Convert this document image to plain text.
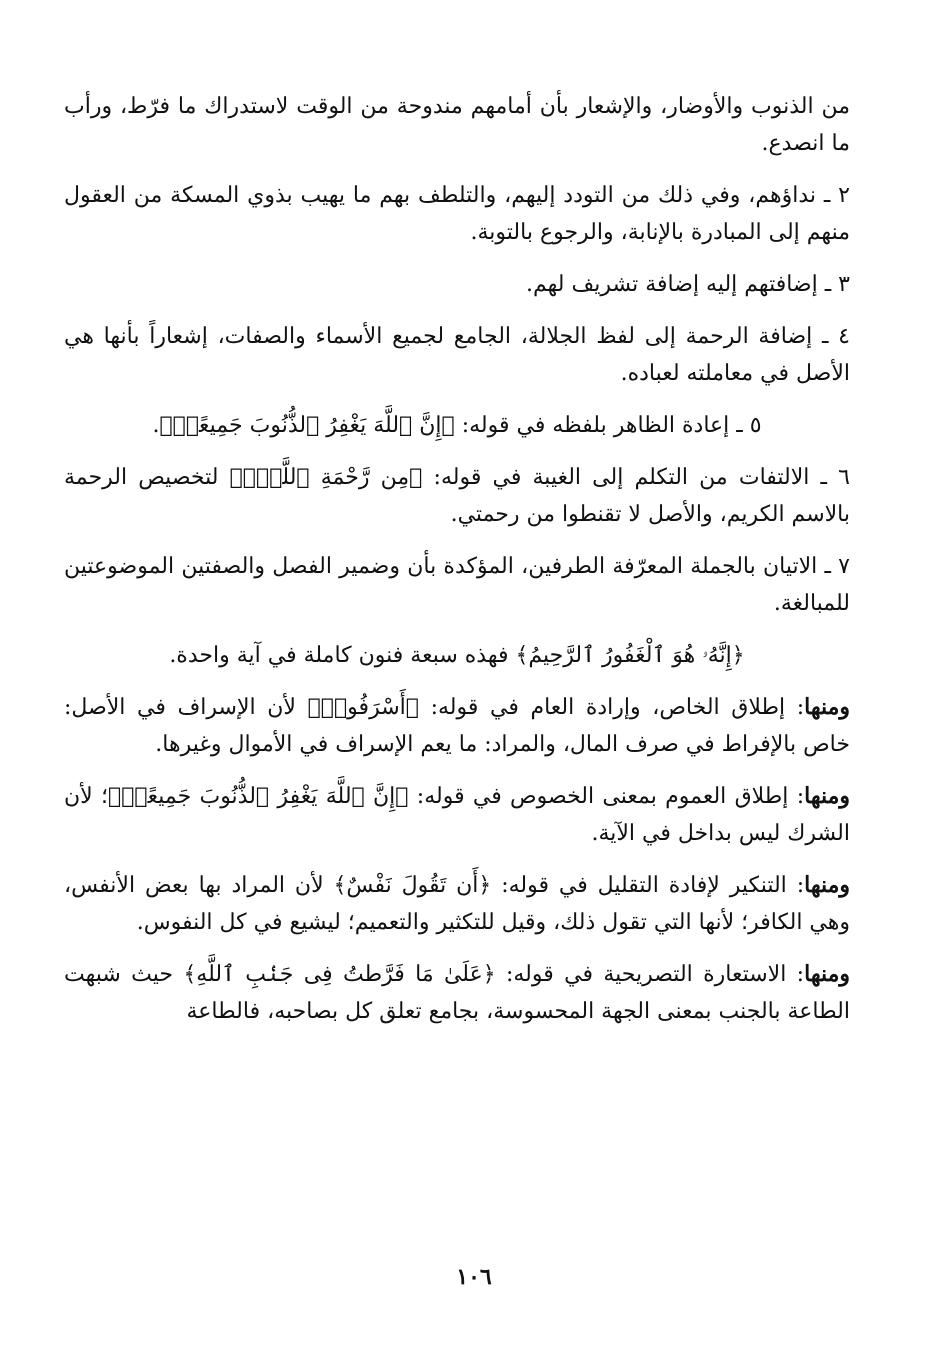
من الذنوب والأوضار، والإشعار بأن أمامهم مندوحة من الوقت لاستدراك ما فرّط، ورأب ما انصدع.

٢ ـ نداؤهم، وفي ذلك من التودد إليهم، والتلطف بهم ما يهيب بذوي المسكة من العقول منهم إلى المبادرة بالإنابة، والرجوع بالتوبة.

٣ ـ إضافتهم إليه إضافة تشريف لهم.

٤ ـ إضافة الرحمة إلى لفظ الجلالة، الجامع لجميع الأسماء والصفات، إشعاراً بأنها هي الأصل في معاملته لعباده.

٥ ـ إعادة الظاهر بلفظه في قوله: ﴿إِنَّ ٱللَّهَ يَغْفِرُ ٱلذُّنُوبَ جَمِيعًاۚ﴾.

٦ ـ الالتفات من التكلم إلى الغيبة في قوله: ﴿مِن رَّحْمَةِ ٱللَّهِۚ﴾ لتخصيص الرحمة بالاسم الكريم، والأصل لا تقنطوا من رحمتي.

٧ ـ الاتيان بالجملة المعرّفة الطرفين، المؤكدة بأن وضمير الفصل والصفتين الموضوعتين للمبالغة.

﴿إِنَّهُۥ هُوَ ٱلْغَفُورُ ٱلرَّحِيمُ﴾ فهذه سبعة فنون كاملة في آية واحدة.

ومنها: إطلاق الخاص، وإرادة العام في قوله: ﴿أَسْرَفُوا۟﴾ لأن الإسراف في الأصل: خاص بالإفراط في صرف المال، والمراد: ما يعم الإسراف في الأموال وغيرها.

ومنها: إطلاق العموم بمعنى الخصوص في قوله: ﴿إِنَّ ٱللَّهَ يَغْفِرُ ٱلذُّنُوبَ جَمِيعًاۚ﴾؛ لأن الشرك ليس بداخل في الآية.

ومنها: التنكير لإفادة التقليل في قوله: ﴿أَن تَقُولَ نَفْسٌ﴾ لأن المراد بها بعض الأنفس، وهي الكافر؛ لأنها التي تقول ذلك، وقيل للتكثير والتعميم؛ ليشيع في كل النفوس.

ومنها: الاستعارة التصريحية في قوله: ﴿عَلَىٰ مَا فَرَّطتُ فِى جَنۢبِ ٱللَّهِ﴾ حيث شبهت الطاعة بالجنب بمعنى الجهة المحسوسة، بجامع تعلق كل بصاحبه، فالطاعة

١٠٦
